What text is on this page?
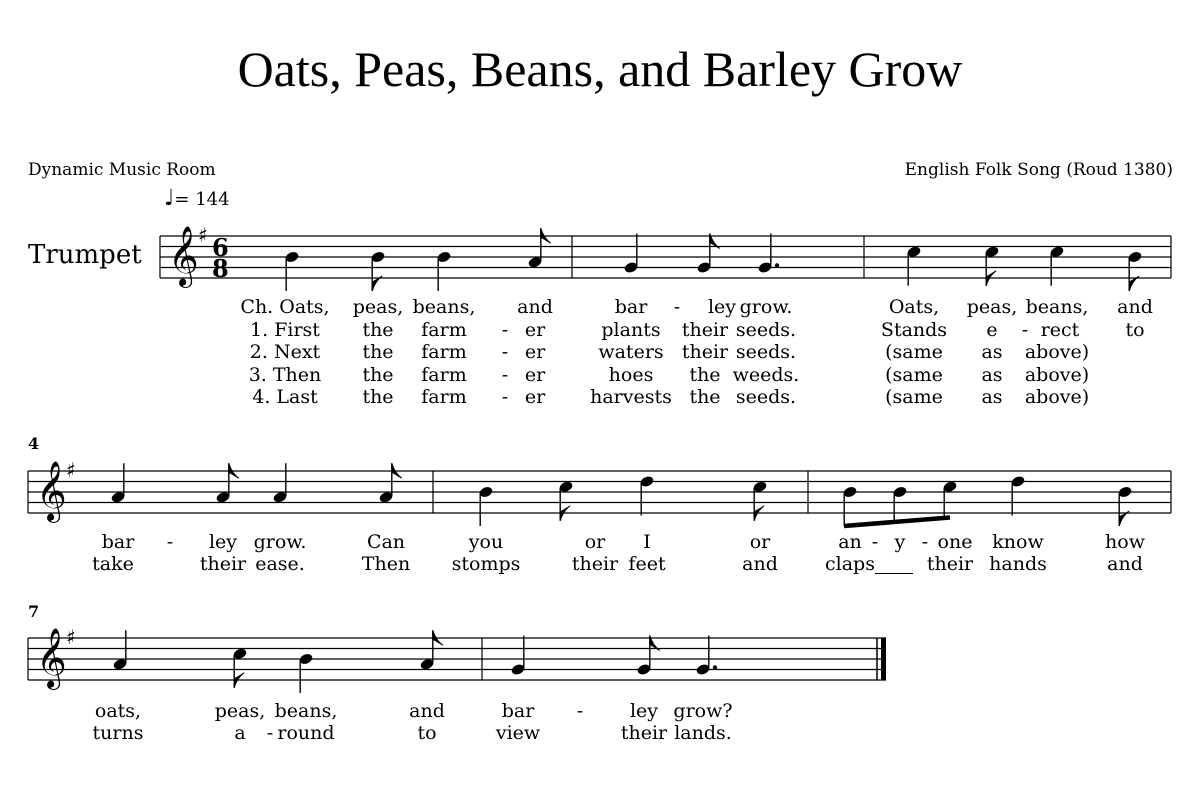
Oats, Peas, Beans, and Barley Grow
Dynamic Music Room	English Folk Song (Roud 1380)
♩= 144
Trumpet
4
7
𝄞 ♯ 6
8
𝄞 ♯
𝄞 ♯
Ch. Oats, peas, beans, and	bar - ley grow.	Oats, peas, beans, and
1. First the farm - er	plants their seeds.	Stands e - rect to
2. Next the farm - er	waters their seeds.	(same as above)
3. Then the farm - er	hoes the weeds.	(same as above)
4. Last the farm - er harvests the seeds.	(same as above)
bar - ley grow.	Can	you	or I	or	an - y - one know	how
take	their ease.	Then stomps	their feet	and claps	their hands	and
oats,	peas, beans,	and	bar - ley grow?
turns	a - round	to	view	their lands.
